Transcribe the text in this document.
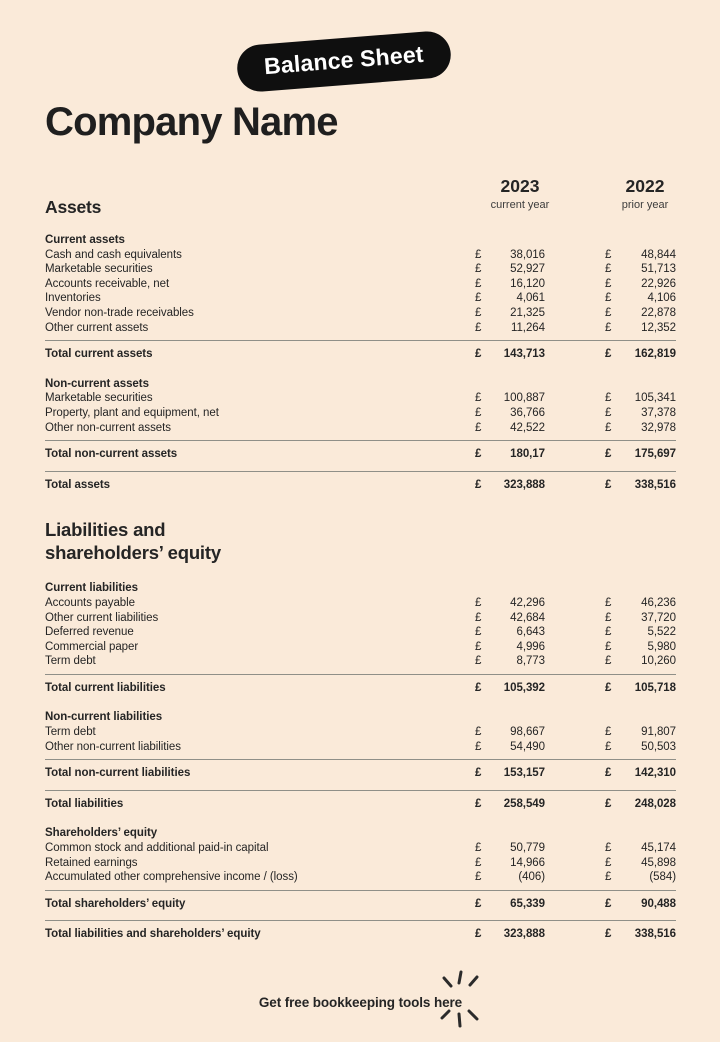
Balance Sheet
Company Name
Assets
2023
current year
2022
prior year
Current assets
Cash and cash equivalents	£	38,016	£	48,844
Marketable securities	£	52,927	£	51,713
Accounts receivable, net	£	16,120	£	22,926
Inventories	£	4,061	£	4,106
Vendor non-trade receivables	£	21,325	£	22,878
Other current assets	£	11,264	£	12,352
Total current assets	£ 143,713	£ 162,819
Non-current assets
Marketable securities	£ 100,887	£ 105,341
Property, plant and equipment, net	£	36,766	£	37,378
Other non-current assets	£	42,522	£	32,978
Total non-current assets	£	180,17	£ 175,697
Total assets	£ 323,888	£ 338,516
Liabilities and
shareholders’ equity
Current liabilities
Accounts payable	£	42,296	£	46,236
Other current liabilities	£	42,684	£	37,720
Deferred revenue	£	6,643	£	5,522
Commercial paper	£	4,996	£	5,980
Term debt	£	8,773	£	10,260
Total current liabilities	£ 105,392	£ 105,718
Non-current liabilities
Term debt	£	98,667	£	91,807
Other non-current liabilities	£	54,490	£	50,503
Total non-current liabilities	£ 153,157	£ 142,310
Total liabilities	£ 258,549	£ 248,028
Shareholders’ equity
Common stock and additional paid-in capital	£	50,779	£	45,174
Retained earnings	£	14,966	£	45,898
Accumulated other comprehensive income / (loss)	£	(406)	£	(584)
Total shareholders’ equity	£	65,339	£	90,488
Total liabilities and shareholders’ equity	£ 323,888	£ 338,516
Get free bookkeeping tools here
